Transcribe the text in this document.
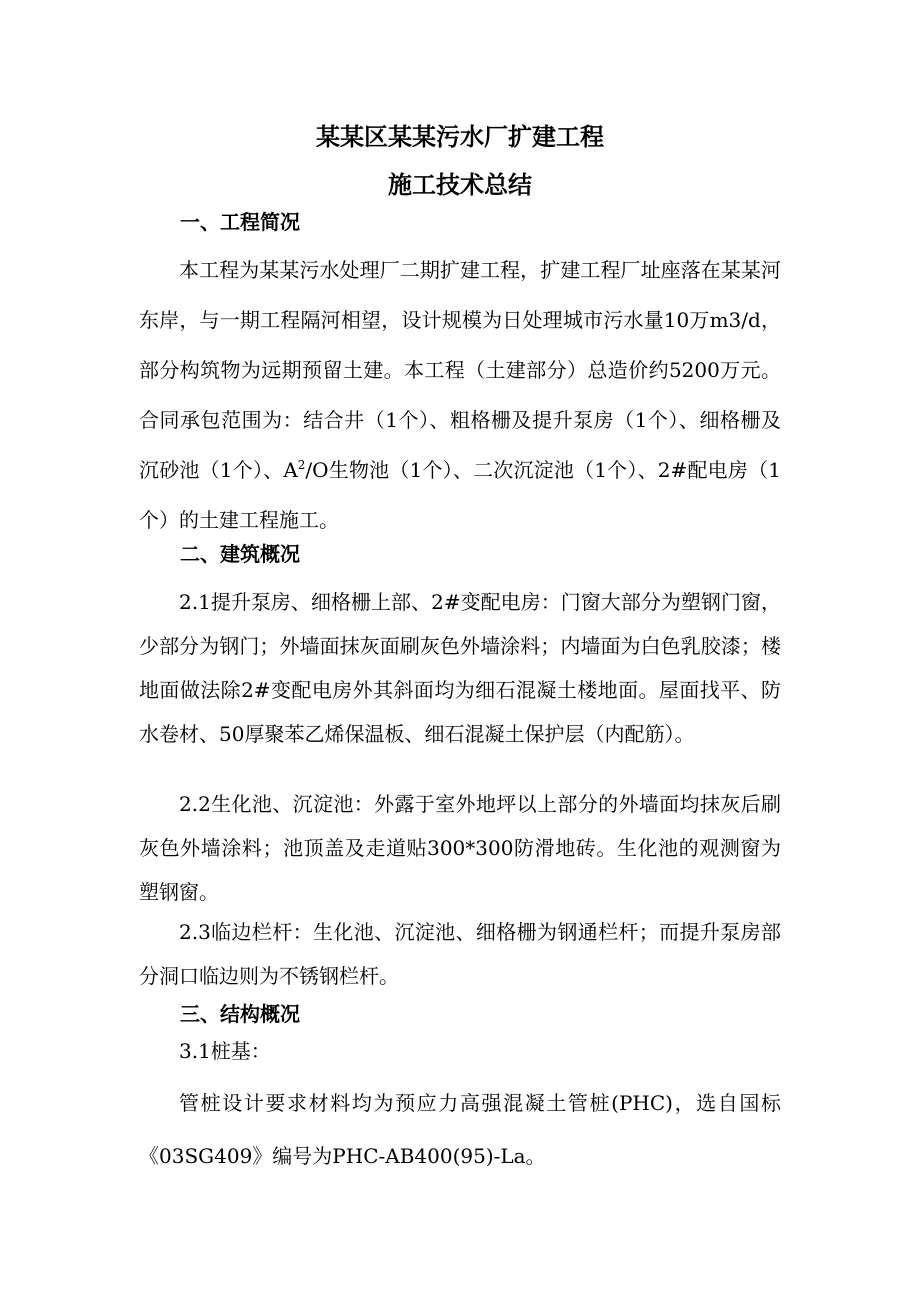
某某区某某污水厂扩建工程
施工技术总结
一、工程简况
本工程为某某污水处理厂二期扩建工程，扩建工程厂址座落在某某河东岸，与一期工程隔河相望，设计规模为日处理城市污水量10万m3/d，部分构筑物为远期预留土建。本工程（土建部分）总造价约5200万元。合同承包范围为：结合井（1个）、粗格栅及提升泵房（1个）、细格栅及沉砂池（1个）、$A^2/O$生物池（1个）、二次沉淀池（1个）、2#配电房（1个）的土建工程施工。
二、建筑概况
2.1提升泵房、细格栅上部、2#变配电房：门窗大部分为塑钢门窗，少部分为钢门；外墙面抹灰面刷灰色外墙涂料；内墙面为白色乳胶漆；楼地面做法除2#变配电房外其斜面均为细石混凝土楼地面。屋面找平、防水卷材、50厚聚苯乙烯保温板、细石混凝土保护层（内配筋）。
2.2生化池、沉淀池：外露于室外地坪以上部分的外墙面均抹灰后刷灰色外墙涂料；池顶盖及走道贴300*300防滑地砖。生化池的观测窗为塑钢窗。
2.3临边栏杆：生化池、沉淀池、细格栅为钢通栏杆；而提升泵房部分洞口临边则为不锈钢栏杆。
三、结构概况
3.1桩基：
管桩设计要求材料均为预应力高强混凝土管桩(PHC)，选自国标《03SG409》编号为PHC-AB400(95)-La。
